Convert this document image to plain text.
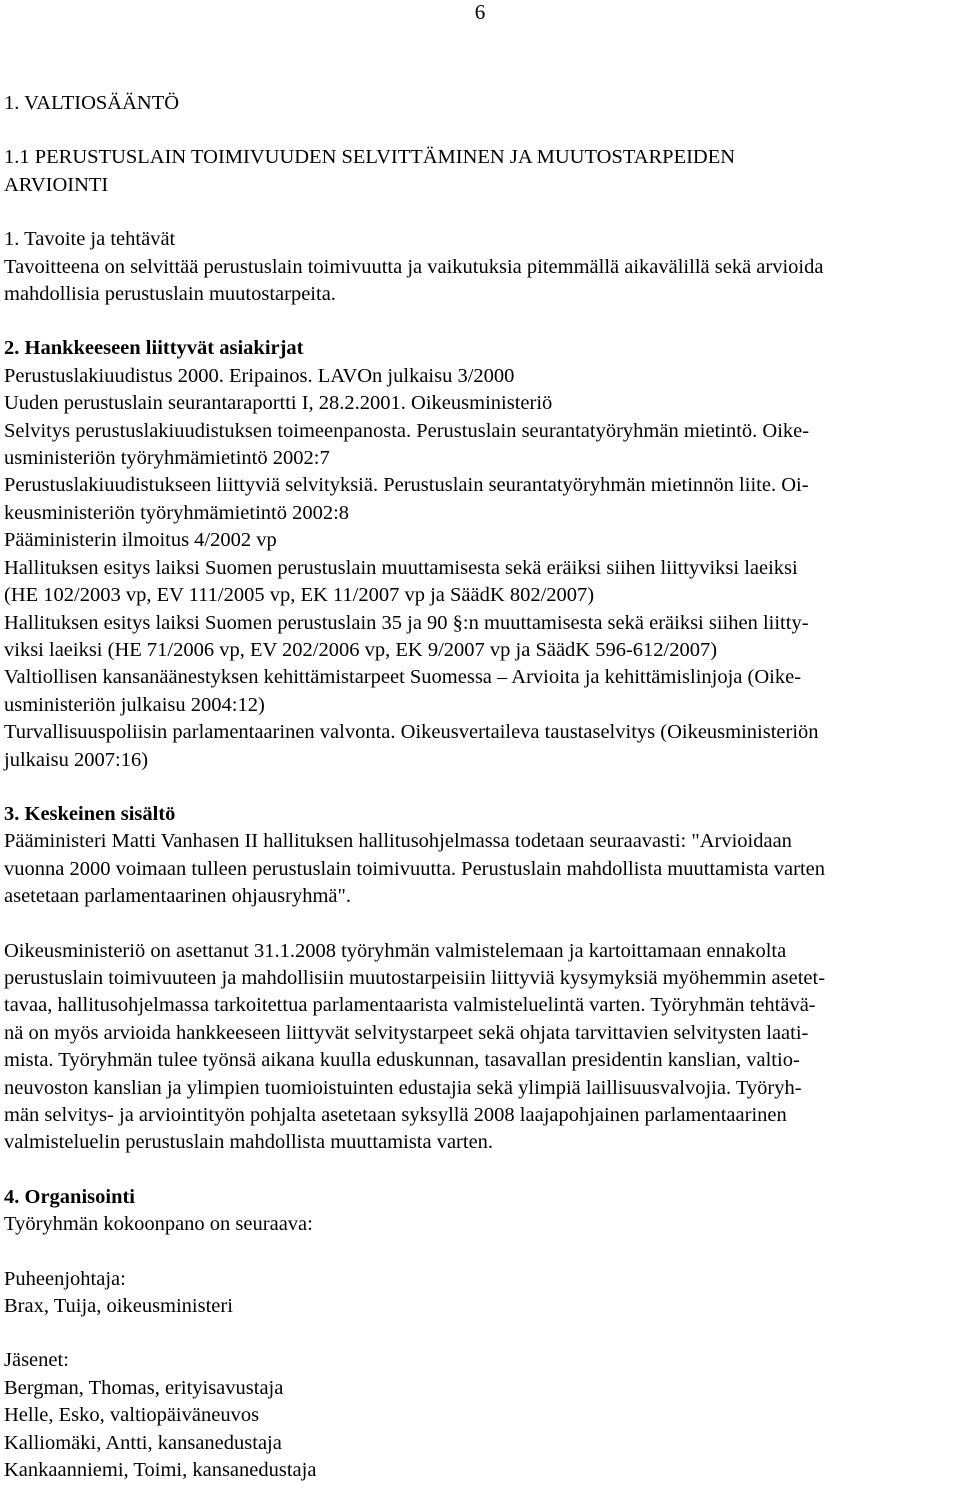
6
1. VALTIOSÄÄNTÖ
1.1 PERUSTUSLAIN TOIMIVUUDEN SELVITTÄMINEN JA MUUTOSTARPEIDEN
ARVIOINTI
1. Tavoite ja tehtävät
Tavoitteena on selvittää perustuslain toimivuutta ja vaikutuksia pitemmällä aikavälillä sekä arvioida
mahdollisia perustuslain muutostarpeita.
2. Hankkeeseen liittyvät asiakirjat
Perustuslakiuudistus 2000. Eripainos. LAVOn julkaisu 3/2000
Uuden perustuslain seurantaraportti I, 28.2.2001. Oikeusministeriö
Selvitys perustuslakiuudistuksen toimeenpanosta. Perustuslain seurantatyöryhmän mietintö. Oike-
usministeriön työryhmämietintö 2002:7
Perustuslakiuudistukseen liittyviä selvityksiä. Perustuslain seurantatyöryhmän mietinnön liite. Oi-
keusministeriön työryhmämietintö 2002:8
Pääministerin ilmoitus 4/2002 vp
Hallituksen esitys laiksi Suomen perustuslain muuttamisesta sekä eräiksi siihen liittyviksi laeiksi
(HE 102/2003 vp, EV 111/2005 vp, EK 11/2007 vp ja SäädK 802/2007)
Hallituksen esitys laiksi Suomen perustuslain 35 ja 90 §:n muuttamisesta sekä eräiksi siihen liitty-
viksi laeiksi (HE 71/2006 vp, EV 202/2006 vp, EK 9/2007 vp ja SäädK 596-612/2007)
Valtiollisen kansanäänestyksen kehittämistarpeet Suomessa – Arvioita ja kehittämislinjoja (Oike-
usministeriön julkaisu 2004:12)
Turvallisuuspoliisin parlamentaarinen valvonta. Oikeusvertaileva taustaselvitys (Oikeusministeriön
julkaisu 2007:16)
3. Keskeinen sisältö
Pääministeri Matti Vanhasen II hallituksen hallitusohjelmassa todetaan seuraavasti: "Arvioidaan
vuonna 2000 voimaan tulleen perustuslain toimivuutta. Perustuslain mahdollista muuttamista varten
asetetaan parlamentaarinen ohjausryhmä".
Oikeusministeriö on asettanut 31.1.2008 työryhmän valmistelemaan ja kartoittamaan ennakolta
perustuslain toimivuuteen ja mahdollisiin muutostarpeisiin liittyviä kysymyksiä myöhemmin asetet-
tavaa, hallitusohjelmassa tarkoitettua parlamentaarista valmisteluelintä varten. Työryhmän tehtävä-
nä on myös arvioida hankkeeseen liittyvät selvitystarpeet sekä ohjata tarvittavien selvitysten laati-
mista. Työryhmän tulee työnsä aikana kuulla eduskunnan, tasavallan presidentin kanslian, valtio-
neuvoston kanslian ja ylimpien tuomioistuinten edustajia sekä ylimpiä laillisuusvalvojia. Työryh-
män selvitys- ja arviointityön pohjalta asetetaan syksyllä 2008 laajapohjainen parlamentaarinen
valmisteluelin perustuslain mahdollista muuttamista varten.
4. Organisointi
Työryhmän kokoonpano on seuraava:
Puheenjohtaja:
Brax, Tuija, oikeusministeri
Jäsenet:
Bergman, Thomas, erityisavustaja
Helle, Esko, valtiopäiväneuvos
Kalliomäki, Antti, kansanedustaja
Kankaanniemi, Toimi, kansanedustaja
